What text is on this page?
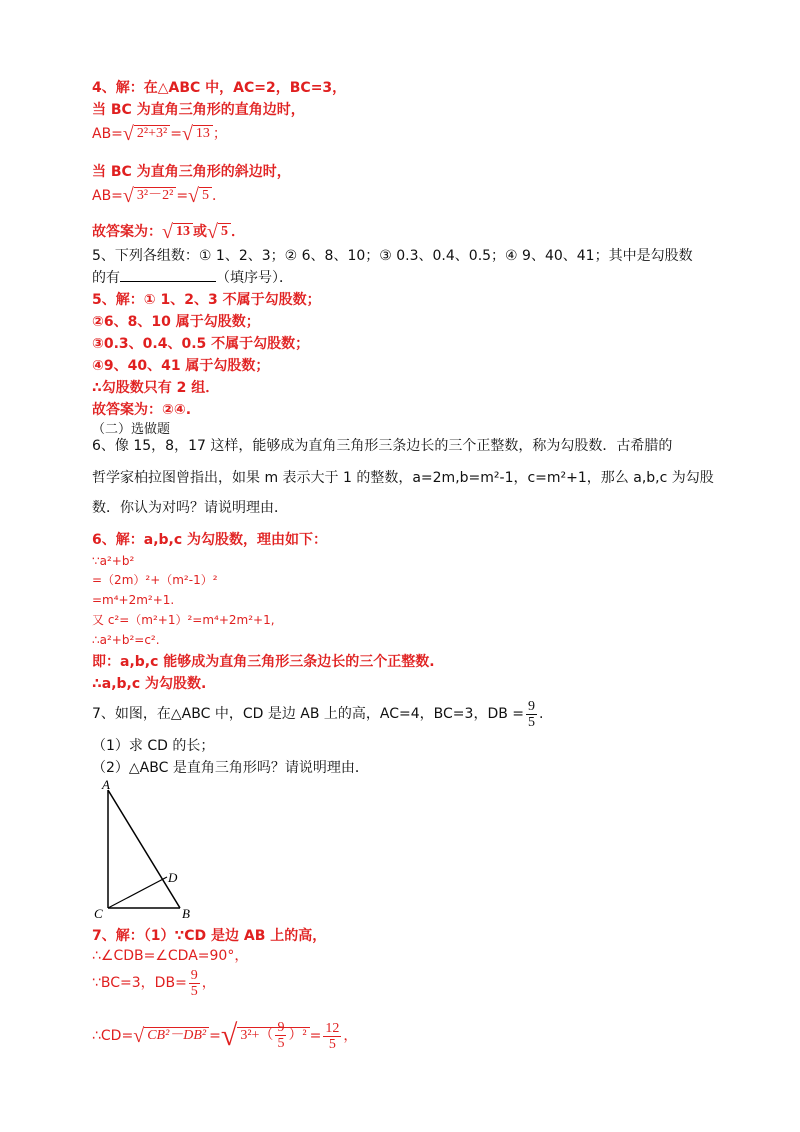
4、解：在△ABC 中，AC=2，BC=3，
当 BC 为直角三角形的直角边时，
AB=√ 2²+3² =√ 13 ；
当 BC 为直角三角形的斜边时，
AB=√ 3²－2² =√ 5 ．
故答案为：√ 13 或√ 5 ．
5、下列各组数：① 1、2、3；② 6、8、10；③ 0.3、0.4、0.5；④ 9、40、41；其中是勾股数
的有	（填序号）．
5、解：① 1、2、3 不属于勾股数；
②6、8、10 属于勾股数；
③0.3、0.4、0.5 不属于勾股数；
④9、40、41 属于勾股数；
∴勾股数只有 2 组．
故答案为：②④.
（二）选做题
6、像 15，8，17 这样，能够成为直角三角形三条边长的三个正整数，称为勾股数．古希腊的
哲学家柏拉图曾指出，如果 m 表示大于 1 的整数，a=2m,b=m²-1，c=m²+1，那么 a,b,c 为勾股
数．你认为对吗？请说明理由．
6、解：a,b,c 为勾股数，理由如下：
∵a²+b²
=（2m）²+（m²-1）²
=m⁴+2m²+1.
又 c²=（m²+1）²=m⁴+2m²+1,
∴a²+b²=c².
即：a,b,c 能够成为直角三角形三条边长的三个正整数.
∴a,b,c 为勾股数.
7、如图，在△ABC 中，CD 是边 AB 上的高，AC=4，BC=3，DB = $\frac{9}{5}$ .
（1）求 CD 的长；
（2）△ABC 是直角三角形吗？请说明理由．
A
C	B
D
7、解：（1）∵CD 是边 AB 上的高，
∴∠CDB=∠CDA=90°，
∵BC=3，$DB= \frac{9}{5}$ ，
∴CD=√ CB²－DB² =√ $3^2+( \frac{9}{5} )^2 = \frac{12}{5}$ ，
